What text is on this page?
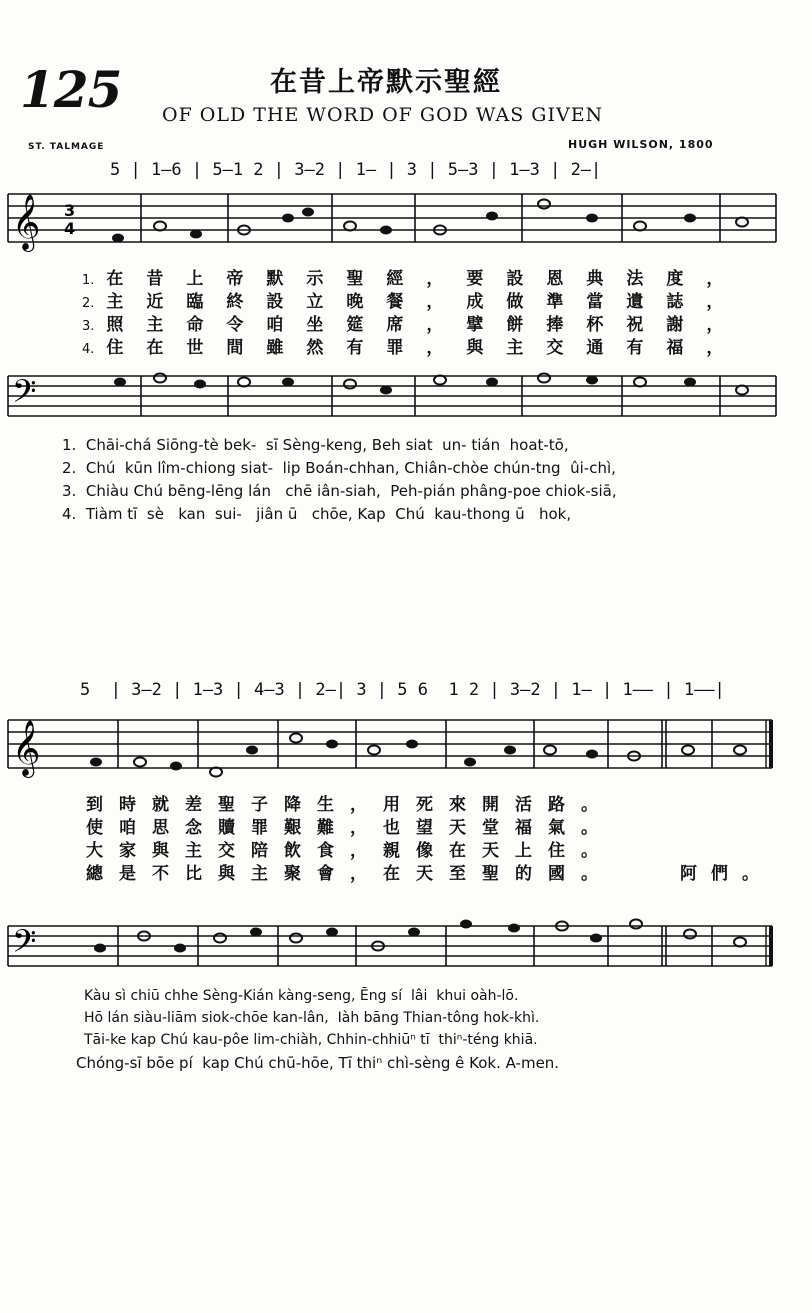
125	在昔上帝默示聖經
OF OLD THE WORD OF GOD WAS GIVEN
ST. TALMAGE	HUGH WILSON, 1800
5 | 1—6 | 5—1 2 | 3—2 | 1— | 3 | 5—3 | 1—3 | 2—|
𝄞 3
4
1. 在昔上帝默示聖經，要設恩典法度，
2. 主近臨終設立晚餐，成做準當遺誌，
3. 照主命令咱坐筵席，擘餅捧杯祝謝，
4. 住在世間雖然有罪，與主交通有福，
𝄢
1.  Chāi-chá Siōng-tè bek-  sī Sèng-keng, Beh siat  un- tián  hoat-tō,
2.  Chú  kūn lîm-chiong siat-  lip Boán-chhan, Chiân-chòe chún-tng  ûi-chì,
3.  Chiàu Chú bēng-lēng lán   chē iân-siah,  Peh-pián phâng-poe chiok-siā,
4.  Tiàm tī  sè   kan  sui-   jiân ū   chōe, Kap  Chú  kau-thong ū   hok,
5  | 3—2 | 1—3 | 4—3 | 2—| 3 | 5 6  1 2 | 3—2 | 1— | 1—— | 1——|
𝄞
到時就差聖子降生，用死來開活路。
使咱思念贖罪艱難，也望天堂福氣。
大家與主交陪飲食，親像在天上住。
總是不比與主聚會，在天至聖的國。	阿們。
𝄢
Kàu sì chiū chhe Sèng-Kián kàng-seng, Ēng sí  lâi  khui oàh-lō.
Hō lán siàu-liām siok-chōe kan-lân,  Iàh bāng Thian-tông hok-khì.
Tāi-ke kap Chú kau-pôe lim-chiàh, Chhin-chhiūⁿ tī  thiⁿ-téng khiā.
Chóng-sī bōe pí  kap Chú chū-hōe, Tī thiⁿ chì-sèng ê Kok. A-men.
